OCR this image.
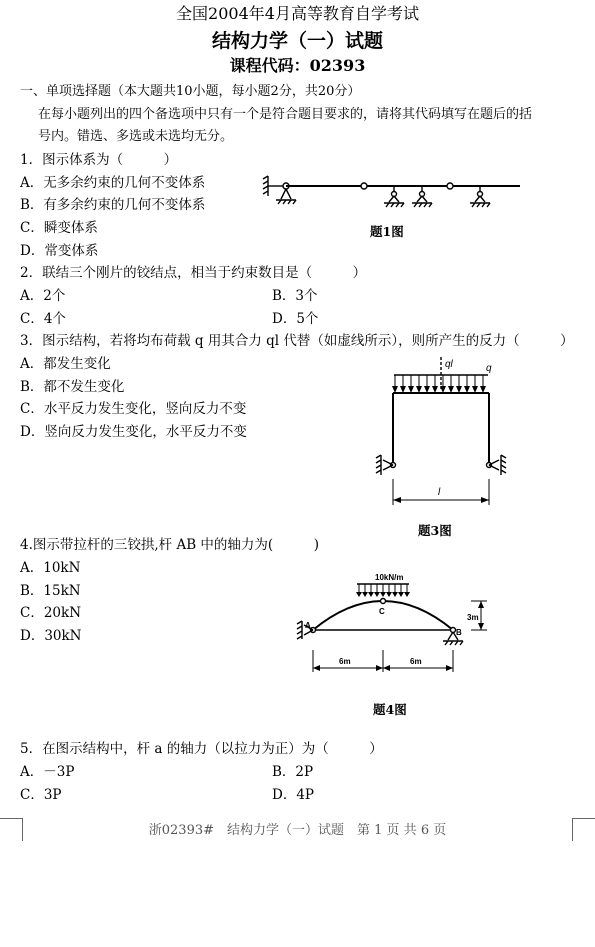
全国2004年4月高等教育自学考试
结构力学（一）试题
课程代码：02393
一、单项选择题（本大题共10小题，每小题2分，共20分）
在每小题列出的四个备选项中只有一个是符合题目要求的，请将其代码填写在题后的括
号内。错选、多选或未选均无分。
1．图示体系为（　　　）
A．无多余约束的几何不变体系
B．有多余约束的几何不变体系
C．瞬变体系
D．常变体系
题1图
2．联结三个刚片的铰结点，相当于约束数目是（　　　）
A．2个	B．3个
C．4个	D．5个
3．图示结构，若将均布荷载 q 用其合力 ql 代替（如虚线所示），则所产生的反力（　　　）
A．都发生变化
B．都不发生变化
C．水平反力发生变化，竖向反力不变
D．竖向反力发生变化，水平反力不变
ql	q
l
题3图
4.图示带拉杆的三铰拱,杆 AB 中的轴力为(　　　)
A．10kN
B．15kN
C．20kN
D．30kN
10kN/m
A
B
C
3m
6m	6m
题4图
5．在图示结构中，杆 a 的轴力（以拉力为正）为（　　　）
A．－3P	B．2P
C．3P	D．4P
浙02393#　结构力学（一）试题　第 1 页 共 6 页
